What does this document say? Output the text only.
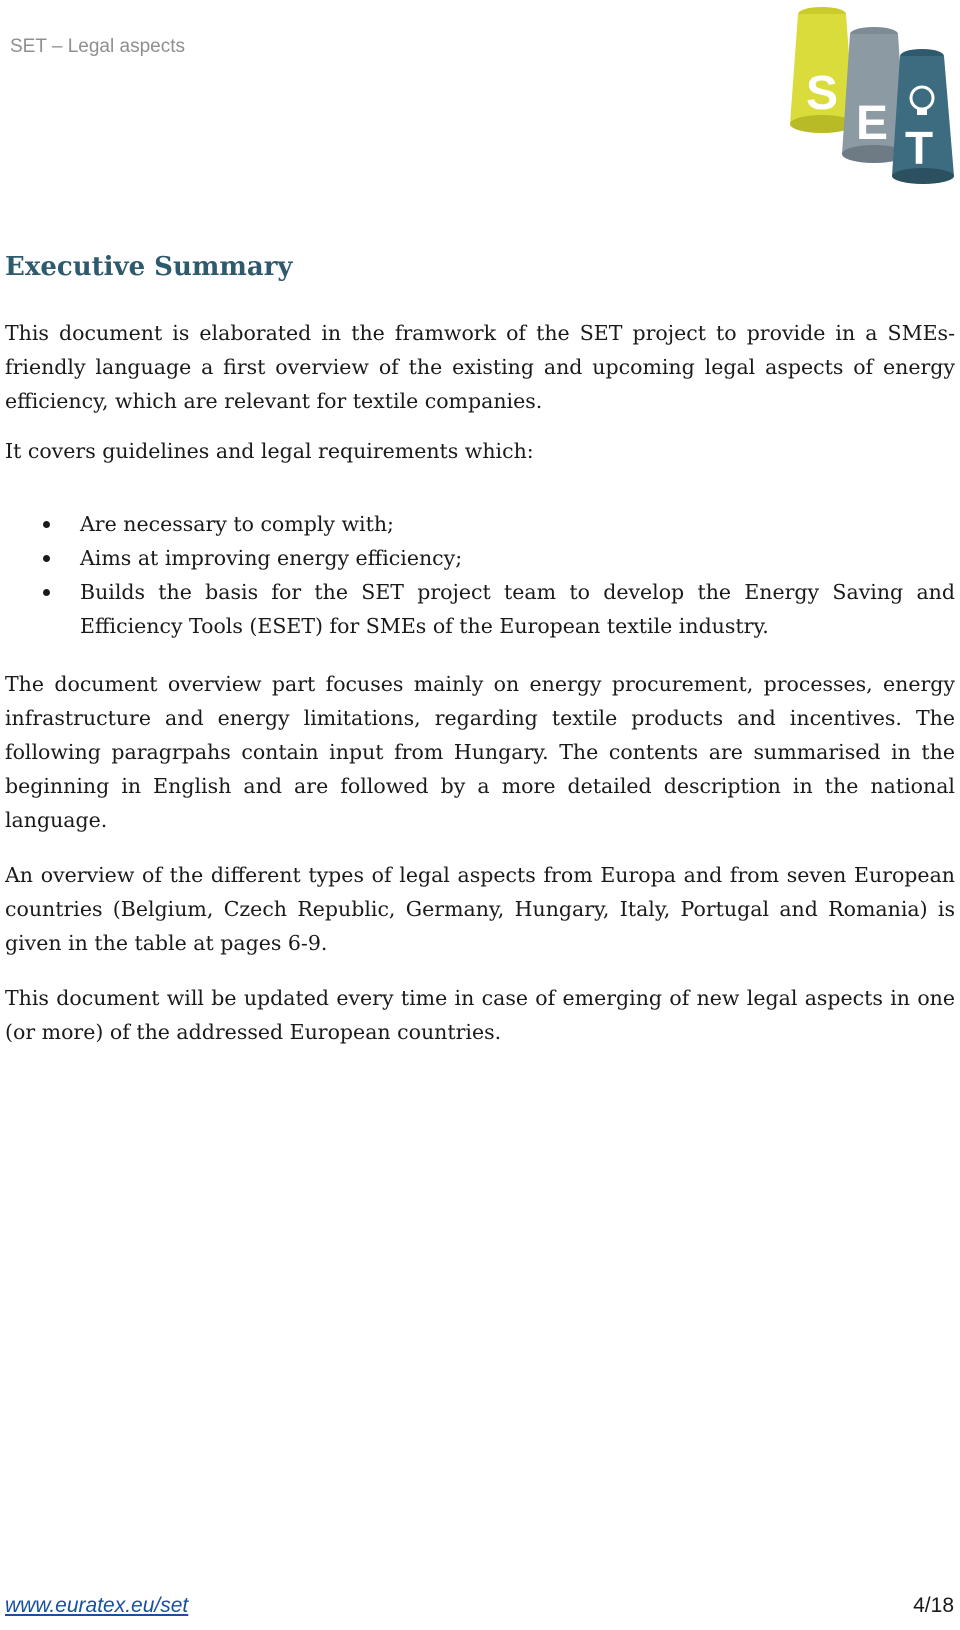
SET – Legal aspects
S
E T
Executive Summary

This document is elaborated in the framwork of the SET project to provide in a SMEs-friendly language a first overview of the existing and upcoming legal aspects of energy efficiency, which are relevant for textile companies.

It covers guidelines and legal requirements which:

Are necessary to comply with;
Aims at improving energy efficiency;
Builds the basis for the SET project team to develop the Energy Saving and Efficiency Tools (ESET) for SMEs of the European textile industry.

The document overview part focuses mainly on energy procurement, processes, energy infrastructure and energy limitations, regarding textile products and incentives. The following paragrpahs contain input from Hungary. The contents are summarised in the beginning in English and are followed by a more detailed description in the national language.

An overview of the different types of legal aspects from Europa and from seven European countries (Belgium, Czech Republic, Germany, Hungary, Italy, Portugal and Romania) is given in the table at pages 6-9.

This document will be updated every time in case of emerging of new legal aspects in one (or more) of the addressed European countries.

www.euratex.eu/set	4/18
